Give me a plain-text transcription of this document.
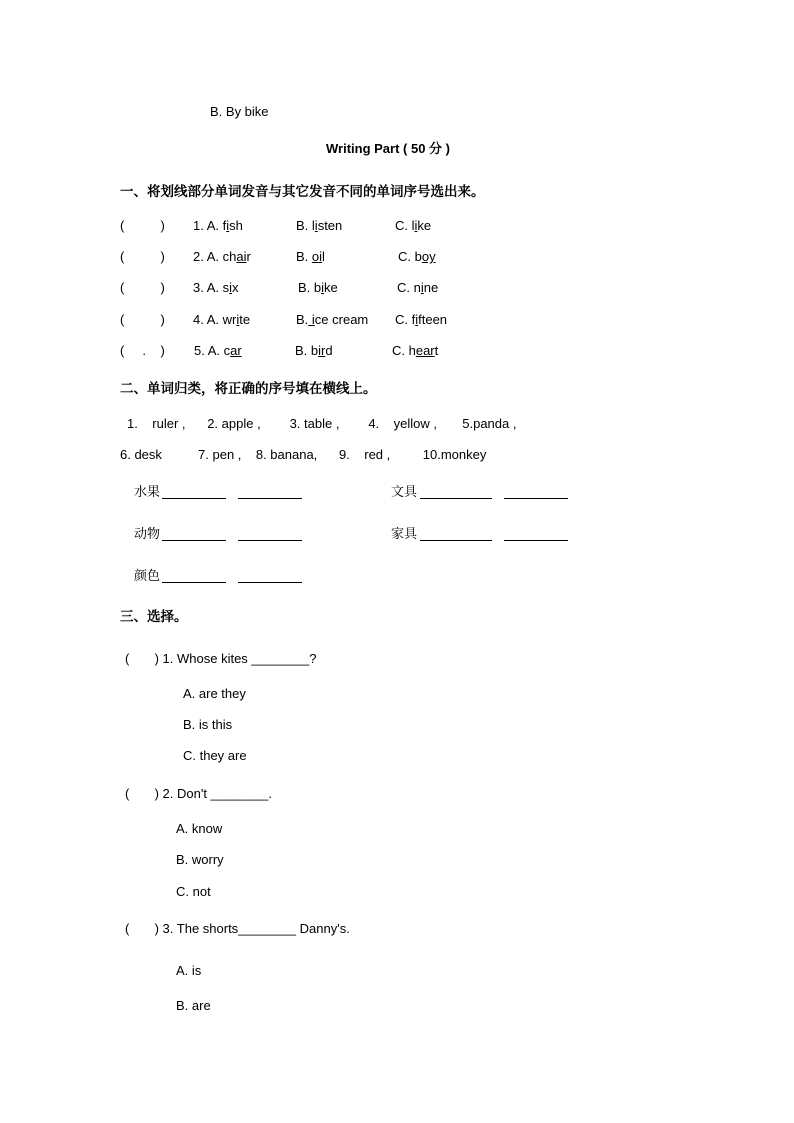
B. By bike
Writing Part ( 50 分 )
一、将划线部分单词发音与其它发音不同的单词序号选出来。
(          ) 1. A. fish	B. listen	C. like
(          ) 2. A. chair	B. oil	C. boy
(          ) 3. A. six	B. bike	C. nine
(          ) 4. A. write	B. ice cream C. fifteen
(     .    ) 5. A. car	B. bird	C. heart
二、单词归类，将正确的序号填在横线上。
1.    ruler ,      2. apple ,        3. table ,        4.    yellow ,       5.panda ,
6. desk          7. pen ,    8. banana,      9.    red ,         10.monkey
水果	文具
动物	家具
颜色
三、选择。
(       ) 1. Whose kites ________?
A. are they
B. is this
C. they are
(       ) 2. Don't ________.
A. know
B. worry
C. not
(       ) 3. The shorts________ Danny's.
A. is
B. are
